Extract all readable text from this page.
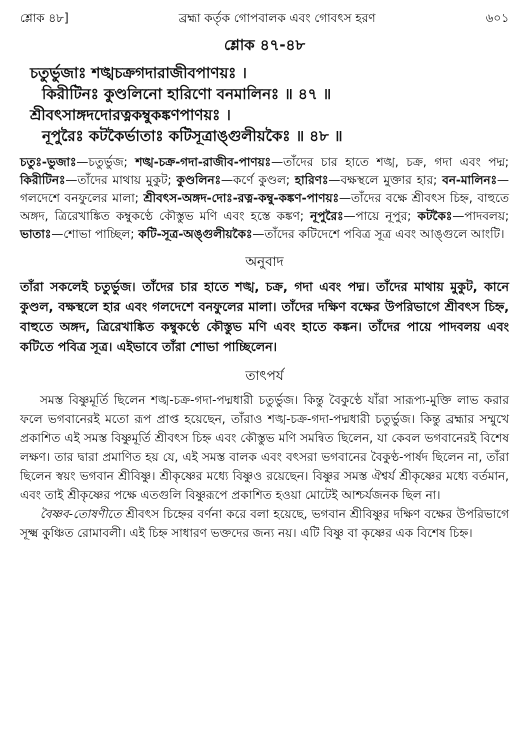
শ্লোক ৪৮]	ব্রহ্মা কর্তৃক গোপবালক এবং গোবৎস হরণ	৬০১
শ্লোক ৪৭-৪৮
চতুর্ভুজাঃ শঙ্খচক্রগদারাজীবপাণয়ঃ ।
কিরীটিনঃ কুণ্ডলিনো হারিণো বনমালিনঃ ॥ ৪৭ ॥
শ্রীবৎসাঙ্গদদোরত্নকম্বুকঙ্কণপাণয়ঃ ।
নূপুরৈঃ কটকৈর্ভাতাঃ কটিসূত্রাঙ্গুলীয়কৈঃ ॥ ৪৮ ॥
চতুঃ-ভুজাঃ—চতুর্ভুজ; শঙ্খ-চক্র-গদা-রাজীব-পাণয়ঃ—তাঁদের চার হাতে শঙ্খ, চক্র, গদা এবং পদ্ম; কিরীটিনঃ—তাঁদের মাথায় মুকুট; কুণ্ডলিনঃ—কর্ণে কুণ্ডল; হারিণঃ—বক্ষস্থলে মুক্তার হার; বন-মালিনঃ—গলদেশে বনফুলের মালা; শ্রীবৎস-অঙ্গদ-দোঃ-রত্ন-কম্বু-কঙ্কণ-পাণয়ঃ—তাঁদের বক্ষে শ্রীবৎস চিহ্ন, বাহুতে অঙ্গদ, ত্রিরেখাঙ্কিত কম্বুকণ্ঠে কৌস্তুভ মণি এবং হস্তে কঙ্কণ; নূপুরৈঃ—পায়ে নূপুর; কটকৈঃ—পাদবলয়; ভাতাঃ—শোভা পাচ্ছিল; কটি-সূত্র-অঙ্গুলীয়কৈঃ—তাঁদের কটিদেশে পবিত্র সূত্র এবং আঙ্গুলে আংটি।
অনুবাদ
তাঁরা সকলেই চতুর্ভুজ। তাঁদের চার হাতে শঙ্খ, চক্র, গদা এবং পদ্ম। তাঁদের মাথায় মুকুট, কানে কুণ্ডল, বক্ষস্থলে হার এবং গলদেশে বনফুলের মালা। তাঁদের দক্ষিণ বক্ষের উপরিভাগে শ্রীবৎস চিহ্ন, বাহুতে অঙ্গদ, ত্রিরেখাঙ্কিত কম্বুকণ্ঠে কৌস্তুভ মণি এবং হাতে কঙ্কন। তাঁদের পায়ে পাদবলয় এবং কটিতে পবিত্র সূত্র। এইভাবে তাঁরা শোভা পাচ্ছিলেন।
তাৎপর্য

সমস্ত বিষ্ণুমূর্তি ছিলেন শঙ্খ-চক্র-গদা-পদ্মধারী চতুর্ভুজ। কিন্তু বৈকুণ্ঠে যাঁরা সারূপ্য-মুক্তি লাভ করার ফলে ভগবানেরই মতো রূপ প্রাপ্ত হয়েছেন, তাঁরাও শঙ্খ-চক্র-গদা-পদ্মধারী চতুর্ভুজ। কিন্তু ব্রহ্মার সম্মুখে প্রকাশিত এই সমস্ত বিষ্ণুমূর্তি শ্রীবৎস চিহ্ন এবং কৌস্তুভ মণি সমন্বিত ছিলেন, যা কেবল ভগবানেরই বিশেষ লক্ষণ। তার দ্বারা প্রমাণিত হয় যে, এই সমস্ত বালক এবং বৎসরা ভগবানের বৈকুণ্ঠ-পার্ষদ ছিলেন না, তাঁরা ছিলেন স্বয়ং ভগবান শ্রীবিষ্ণু। শ্রীকৃষ্ণের মধ্যে বিষ্ণুও রয়েছেন। বিষ্ণুর সমস্ত ঐশ্বর্য শ্রীকৃষ্ণের মধ্যে বর্তমান, এবং তাই শ্রীকৃষ্ণের পক্ষে এতগুলি বিষ্ণুরূপে প্রকাশিত হওয়া মোটেই আশ্চর্যজনক ছিল না।

বৈষ্ণব-তোষণীতে শ্রীবৎস চিহ্নের বর্ণনা করে বলা হয়েছে, ভগবান শ্রীবিষ্ণুর দক্ষিণ বক্ষের উপরিভাগে সূক্ষ্ম কুঞ্চিত রোমাবলী। এই চিহ্ন সাধারণ ভক্তদের জন্য নয়। এটি বিষ্ণু বা কৃষ্ণের এক বিশেষ চিহ্ন।
